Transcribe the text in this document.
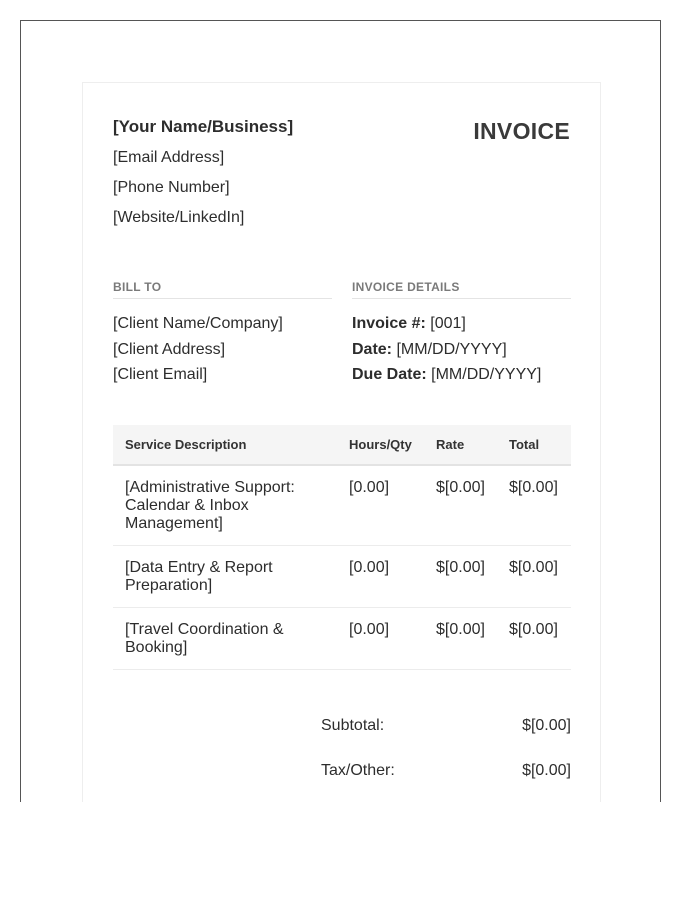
[Your Name/Business]
[Email Address]
[Phone Number]
[Website/LinkedIn]
INVOICE
BILL TO
[Client Name/Company]
[Client Address]
[Client Email]
INVOICE DETAILS
Invoice #: [001]
Date: [MM/DD/YYYY]
Due Date: [MM/DD/YYYY]
Service Description	Hours/Qty	Rate	Total
[Administrative Support: Calendar & Inbox Management]	[0.00]	$[0.00]	$[0.00]
[Data Entry & Report Preparation]	[0.00]	$[0.00]	$[0.00]
[Travel Coordination & Booking]	[0.00]	$[0.00]	$[0.00]
Subtotal:	$[0.00]
Tax/Other:	$[0.00]
